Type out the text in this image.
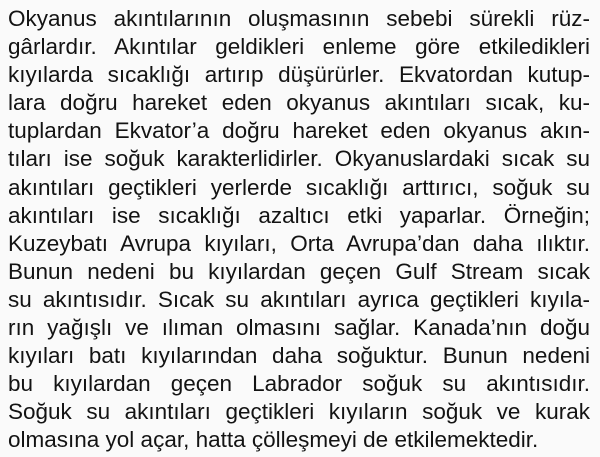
Okyanus akıntılarının oluşmasının sebebi sürekli rüz-
gârlardır. Akıntılar geldikleri enleme göre etkiledikleri
kıyılarda sıcaklığı artırıp düşürürler. Ekvatordan kutup-
lara doğru hareket eden okyanus akıntıları sıcak, ku-
tuplardan Ekvator’a doğru hareket eden okyanus akın-
tıları ise soğuk karakterlidirler. Okyanuslardaki sıcak su
akıntıları geçtikleri yerlerde sıcaklığı arttırıcı, soğuk su
akıntıları ise sıcaklığı azaltıcı etki yaparlar. Örneğin;
Kuzeybatı Avrupa kıyıları, Orta Avrupa’dan daha ılıktır.
Bunun nedeni bu kıyılardan geçen Gulf Stream sıcak
su akıntısıdır. Sıcak su akıntıları ayrıca geçtikleri kıyıla-
rın yağışlı ve ılıman olmasını sağlar. Kanada’nın doğu
kıyıları batı kıyılarından daha soğuktur. Bunun nedeni
bu kıyılardan geçen Labrador soğuk su akıntısıdır.
Soğuk su akıntıları geçtikleri kıyıların soğuk ve kurak
olmasına yol açar, hatta çölleşmeyi de etkilemektedir.
